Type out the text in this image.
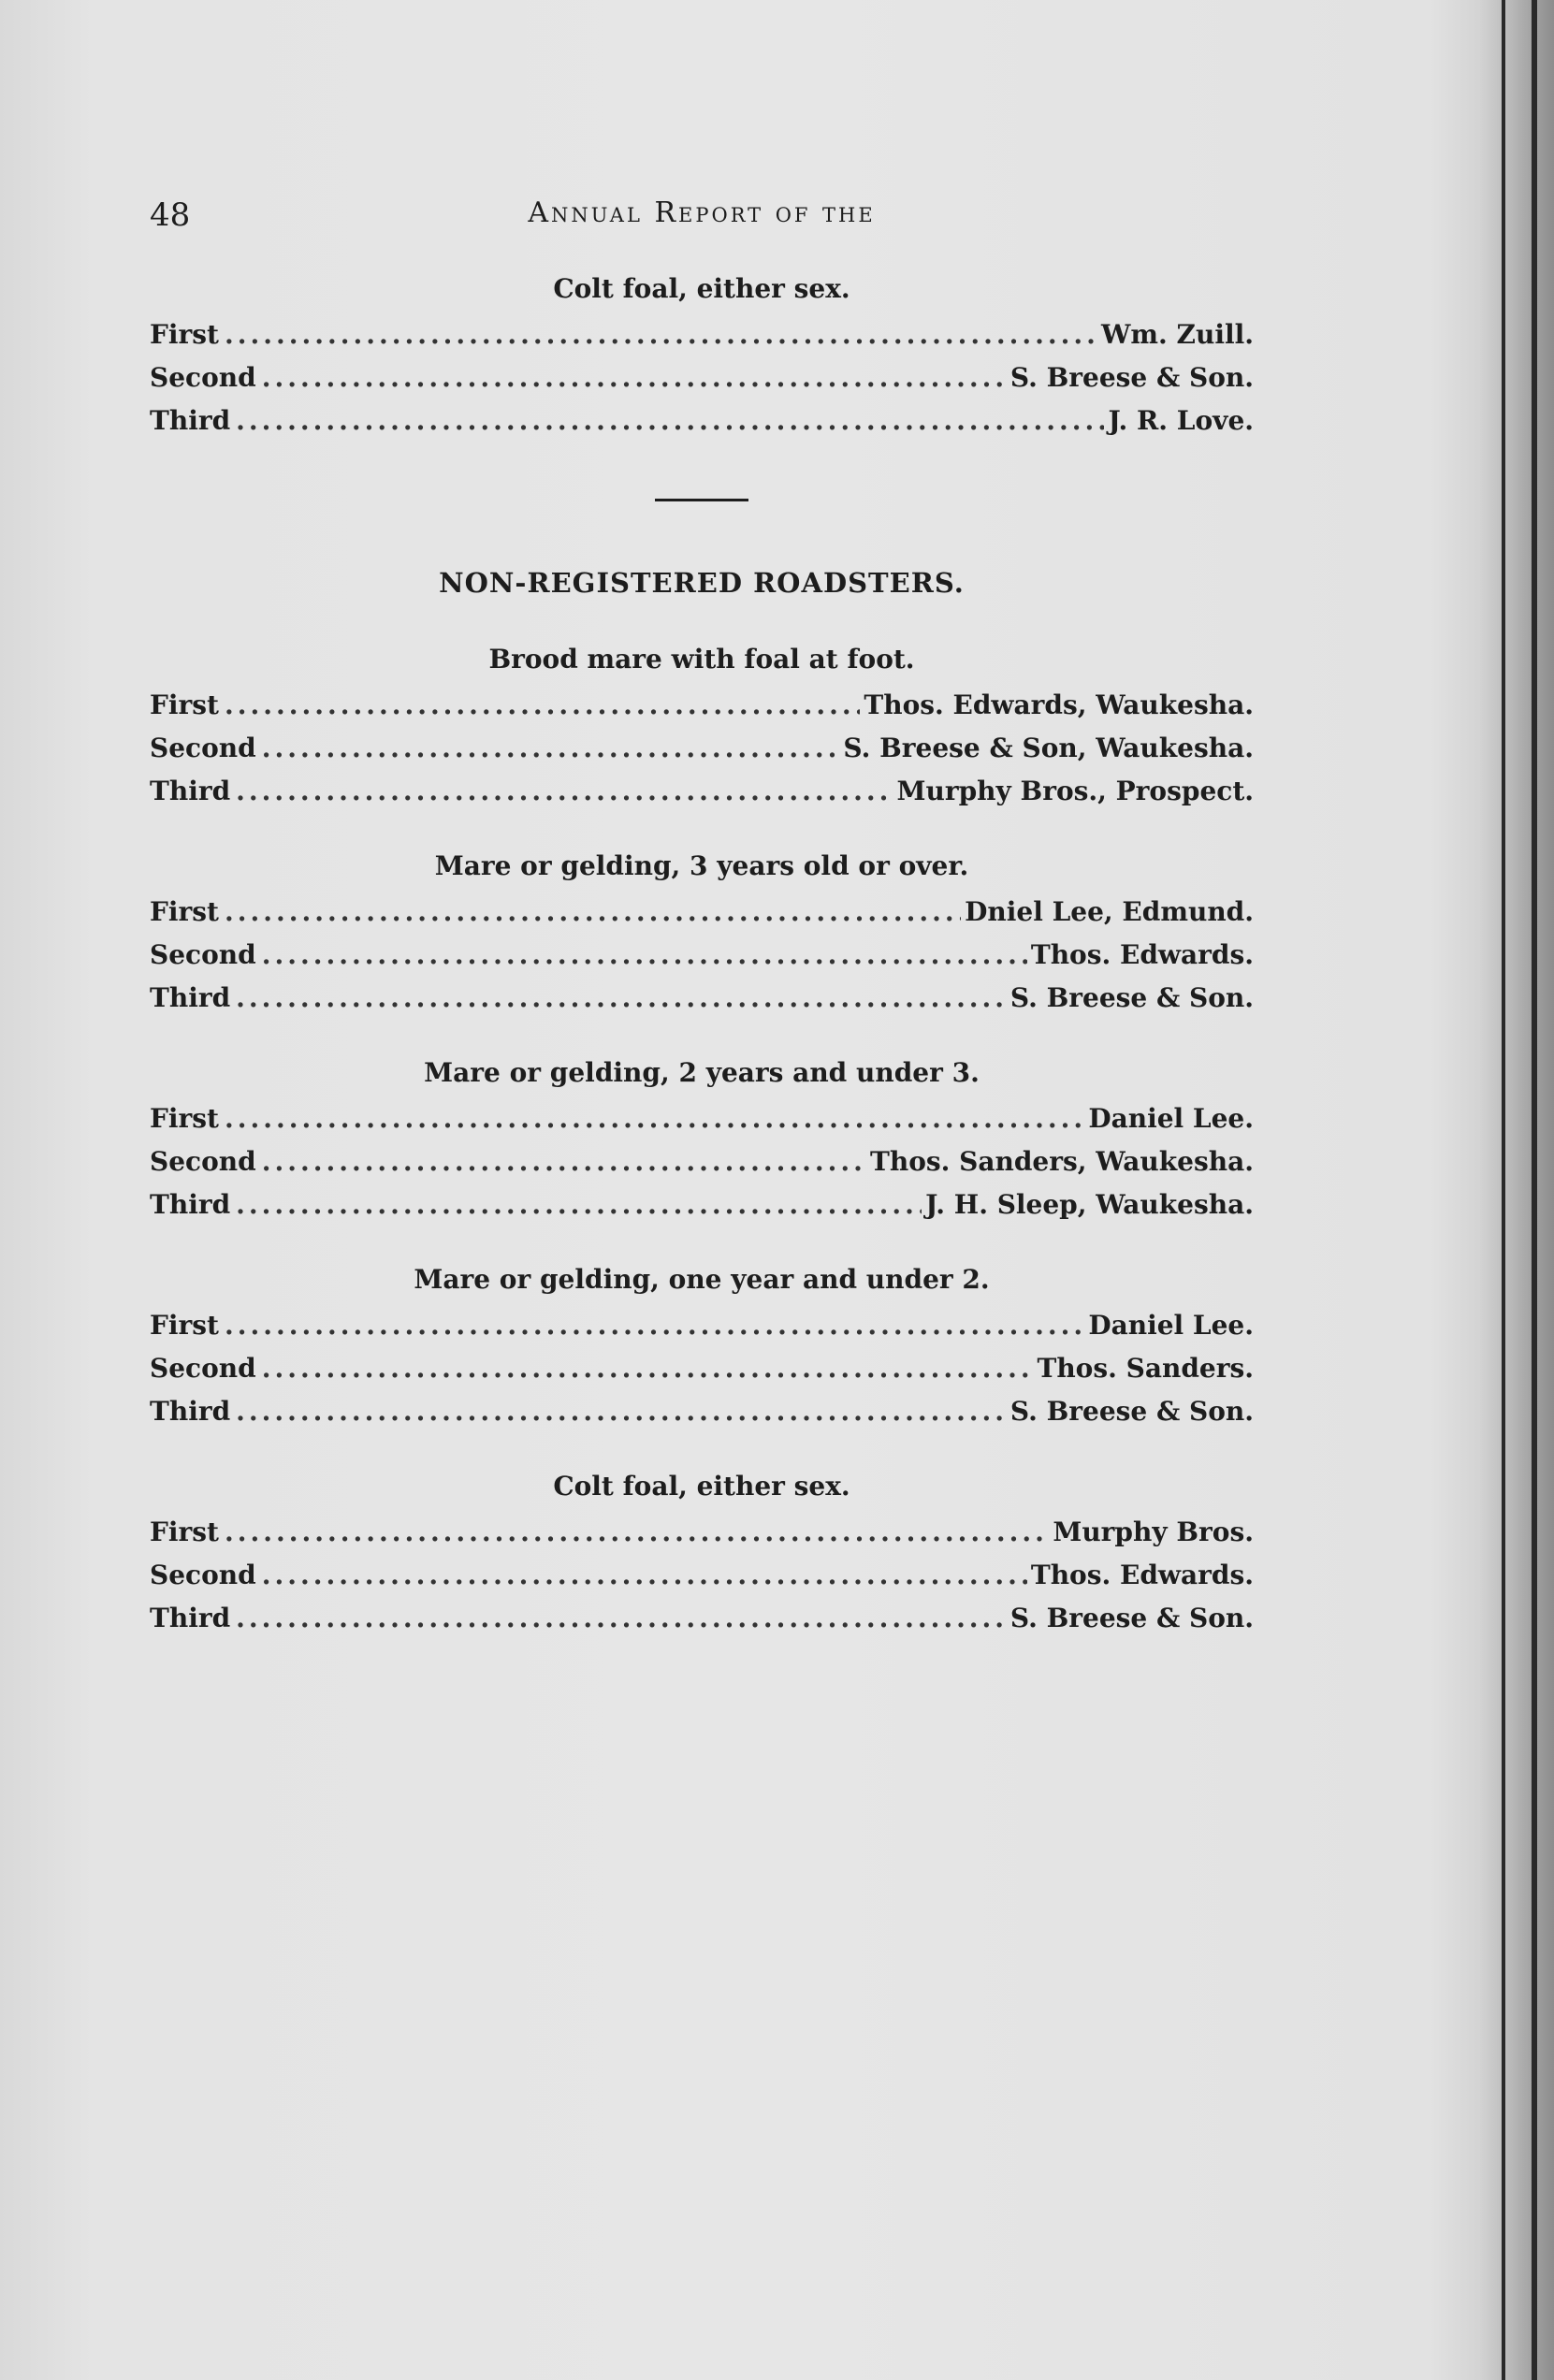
48	Annual Report of the

Colt foal, either sex.

First .....	Wm. Zuill.
Second .....	S. Breese & Son.
Third .....	J. R. Love.
NON-REGISTERED ROADSTERS.

Brood mare with foal at foot.

First .....	Thos. Edwards, Waukesha.
Second .....	S. Breese & Son, Waukesha.
Third .....	Murphy Bros., Prospect.

Mare or gelding, 3 years old or over.

First .....	Dniel Lee, Edmund.
Second .....	Thos. Edwards.
Third .....	S. Breese & Son.

Mare or gelding, 2 years and under 3.

First .....	Daniel Lee.
Second .....	Thos. Sanders, Waukesha.
Third .....	J. H. Sleep, Waukesha.

Mare or gelding, one year and under 2.

First .....	Daniel Lee.
Second .....	Thos. Sanders.
Third .....	S. Breese & Son.

Colt foal, either sex.

First .....	Murphy Bros.
Second .....	Thos. Edwards.
Third .....	S. Breese & Son.
